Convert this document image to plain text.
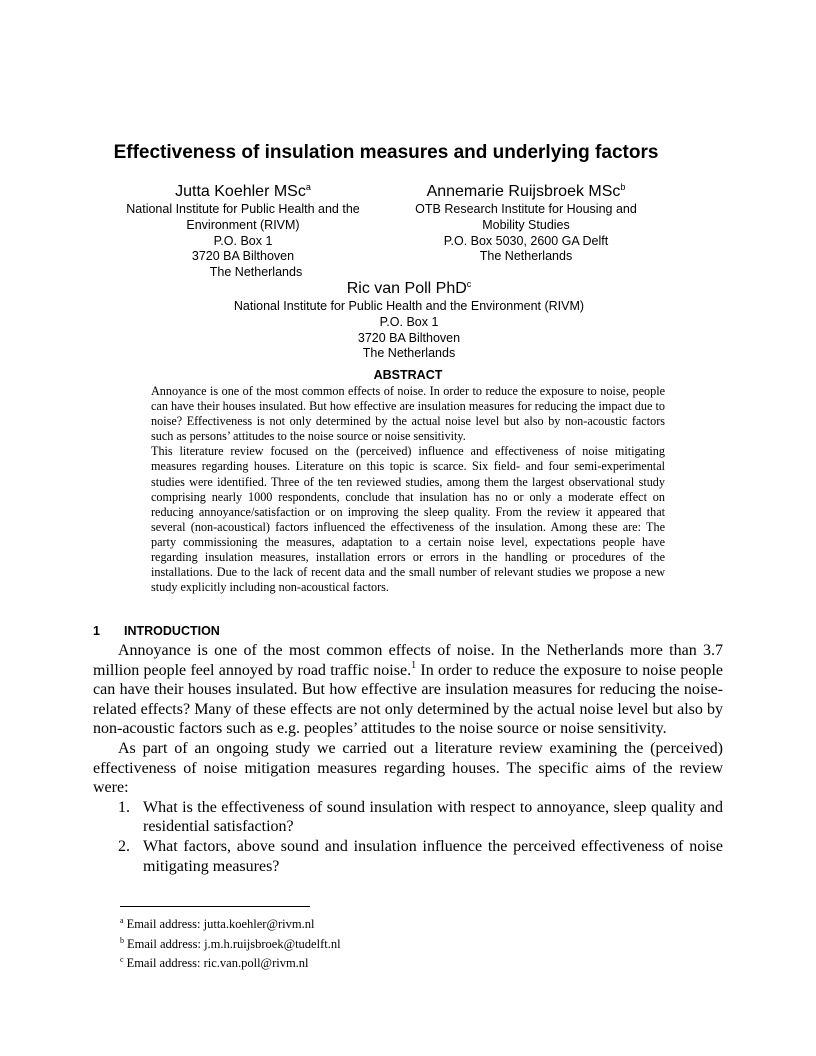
Effectiveness of insulation measures and underlying factors
Jutta Koehler MSc$^a$
National Institute for Public Health and the
Environment (RIVM)
P.O. Box 1
3720 BA Bilthoven
The Netherlands
Annemarie Ruijsbroek MSc$^b$
OTB Research Institute for Housing and
Mobility Studies
P.O. Box 5030, 2600 GA Delft
The Netherlands
Ric van Poll PhD$^c$
National Institute for Public Health and the Environment (RIVM)
P.O. Box 1
3720 BA Bilthoven
The Netherlands
ABSTRACT

Annoyance is one of the most common effects of noise. In order to reduce the exposure to noise, people can have their houses insulated. But how effective are insulation measures for reducing the impact due to noise? Effectiveness is not only determined by the actual noise level but also by non-acoustic factors such as persons’ attitudes to the noise source or noise sensitivity.

This literature review focused on the (perceived) influence and effectiveness of noise mitigating measures regarding houses. Literature on this topic is scarce. Six field- and four semi-experimental studies were identified. Three of the ten reviewed studies, among them the largest observational study comprising nearly 1000 respondents, conclude that insulation has no or only a moderate effect on reducing annoyance/satisfaction or on improving the sleep quality. From the review it appeared that several (non-acoustical) factors influenced the effectiveness of the insulation. Among these are: The party commissioning the measures, adaptation to a certain noise level, expectations people have regarding insulation measures, installation errors or errors in the handling or procedures of the installations. Due to the lack of recent data and the small number of relevant studies we propose a new study explicitly including non-acoustical factors.

1 INTRODUCTION

Annoyance is one of the most common effects of noise. In the Netherlands more than 3.7 million people feel annoyed by road traffic noise.$^1$ In order to reduce the exposure to noise people can have their houses insulated. But how effective are insulation measures for reducing the noise-related effects? Many of these effects are not only determined by the actual noise level but also by non-acoustic factors such as e.g. peoples’ attitudes to the noise source or noise sensitivity.

As part of an ongoing study we carried out a literature review examining the (perceived) effectiveness of noise mitigation measures regarding houses. The specific aims of the review were:

1. What is the effectiveness of sound insulation with respect to annoyance, sleep quality and residential satisfaction?
2. What factors, above sound and insulation influence the perceived effectiveness of noise mitigating measures?
$^a$ Email address: jutta.koehler@rivm.nl
$^b$ Email address: j.m.h.ruijsbroek@tudelft.nl
$^c$ Email address: ric.van.poll@rivm.nl
